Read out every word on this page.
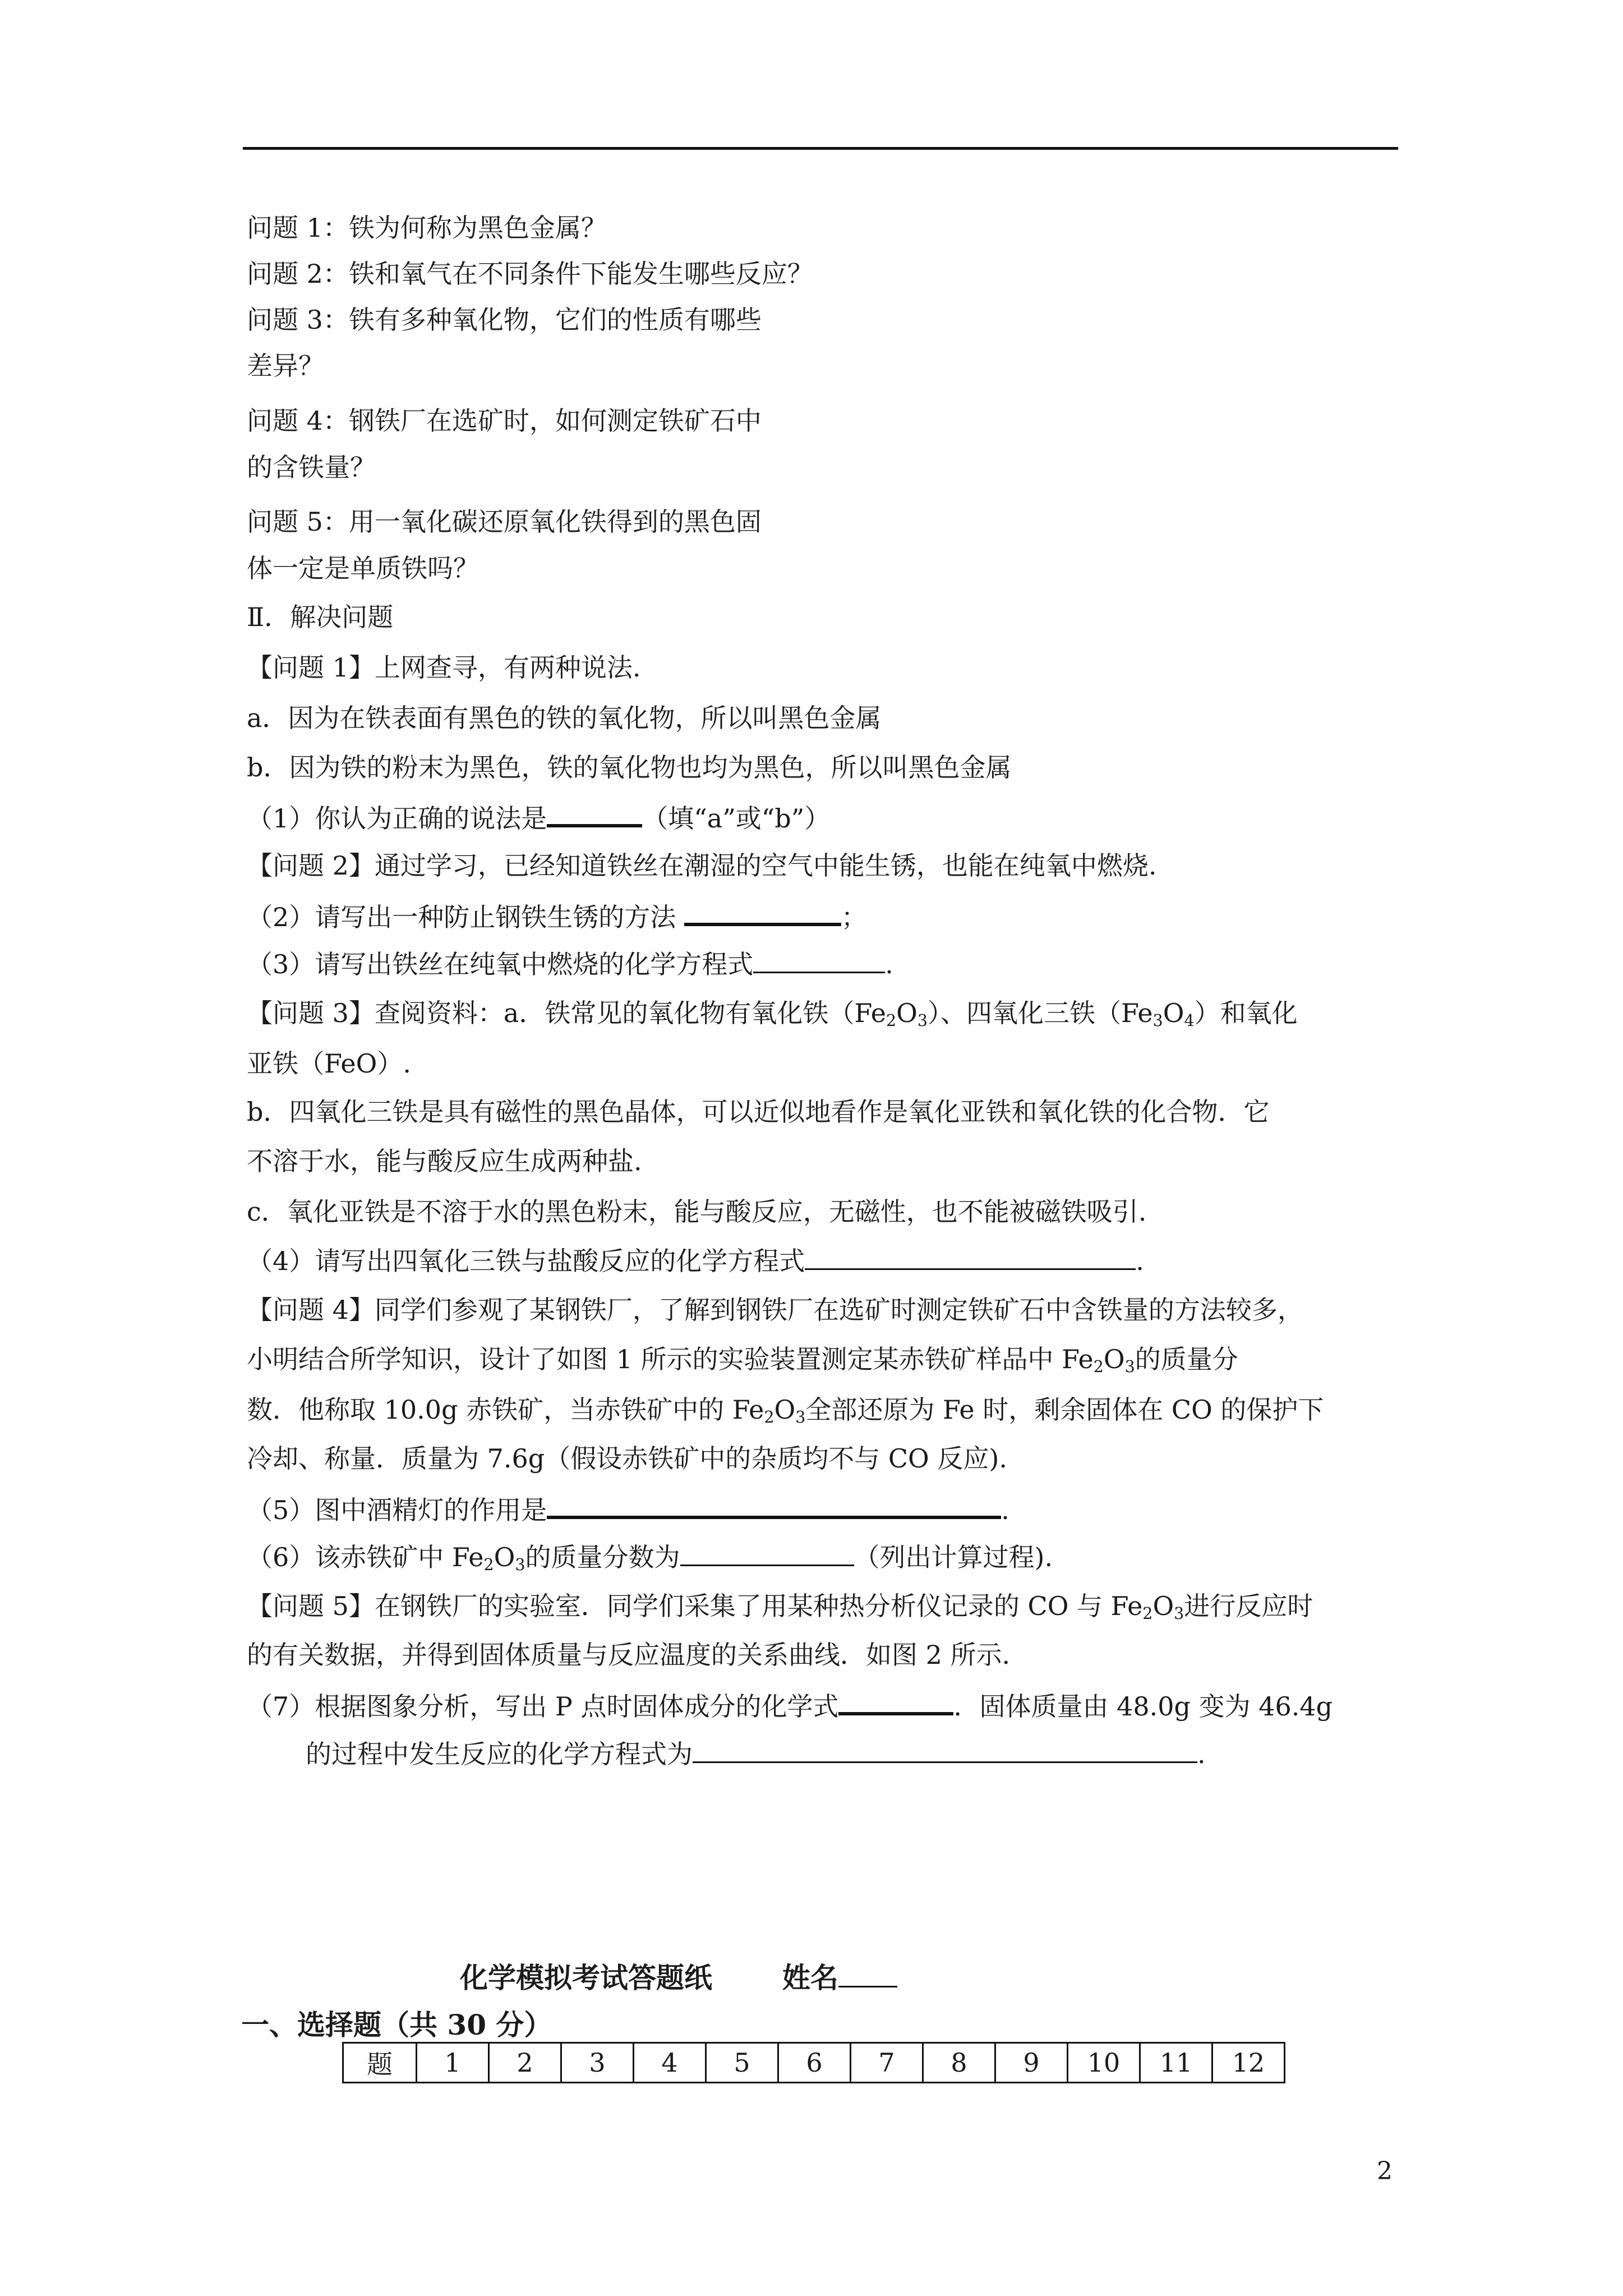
问题 1：铁为何称为黑色金属？
问题 2：铁和氧气在不同条件下能发生哪些反应？
问题 3：铁有多种氧化物，它们的性质有哪些
差异？
问题 4：钢铁厂在选矿时，如何测定铁矿石中
的含铁量？
问题 5：用一氧化碳还原氧化铁得到的黑色固
体一定是单质铁吗？
Ⅱ．解决问题
【问题 1】上网查寻，有两种说法.
a．因为在铁表面有黑色的铁的氧化物，所以叫黑色金属
b．因为铁的粉末为黑色，铁的氧化物也均为黑色，所以叫黑色金属
（1）你认为正确的说法是	（填“a”或“b”）
【问题 2】通过学习，已经知道铁丝在潮湿的空气中能生锈，也能在纯氧中燃烧.
（2）请写出一种防止钢铁生锈的方法	；
（3）请写出铁丝在纯氧中燃烧的化学方程式	.
【问题 3】查阅资料：a．铁常见的氧化物有氧化铁$(Fe_2O_3)$、四氧化三铁$(Fe_3O_4)$和氧化
亚铁（FeO）.
b．四氧化三铁是具有磁性的黑色晶体，可以近似地看作是氧化亚铁和氧化铁的化合物．它
不溶于水，能与酸反应生成两种盐.
c．氧化亚铁是不溶于水的黑色粉末，能与酸反应，无磁性，也不能被磁铁吸引.
（4）请写出四氧化三铁与盐酸反应的化学方程式	.
【问题 4】同学们参观了某钢铁厂，了解到钢铁厂在选矿时测定铁矿石中含铁量的方法较多，
小明结合所学知识，设计了如图 1 所示的实验装置测定某赤铁矿样品中 $Fe_2O_3$的质量分
数．他称取 10.0g 赤铁矿，当赤铁矿中的 $Fe_2O_3$全部还原为 Fe 时，剩余固体在 CO 的保护下
冷却、称量．质量为 7.6g（假设赤铁矿中的杂质均不与 CO 反应).
（5）图中酒精灯的作用是	.
（6）该赤铁矿中 $Fe_2O_3$的质量分数为	（列出计算过程).
【问题 5】在钢铁厂的实验室．同学们采集了用某种热分析仪记录的 CO 与 $Fe_2O_3$进行反应时
的有关数据，并得到固体质量与反应温度的关系曲线．如图 2 所示.
（7）根据图象分析，写出 P 点时固体成分的化学式	．固体质量由 48.0g 变为 46.4g
的过程中发生反应的化学方程式为	.
化学模拟考试答题纸 姓名
一、选择题（共 30 分）
题	1	2	3	4	5	6	7	8	9	10	11	12
2
